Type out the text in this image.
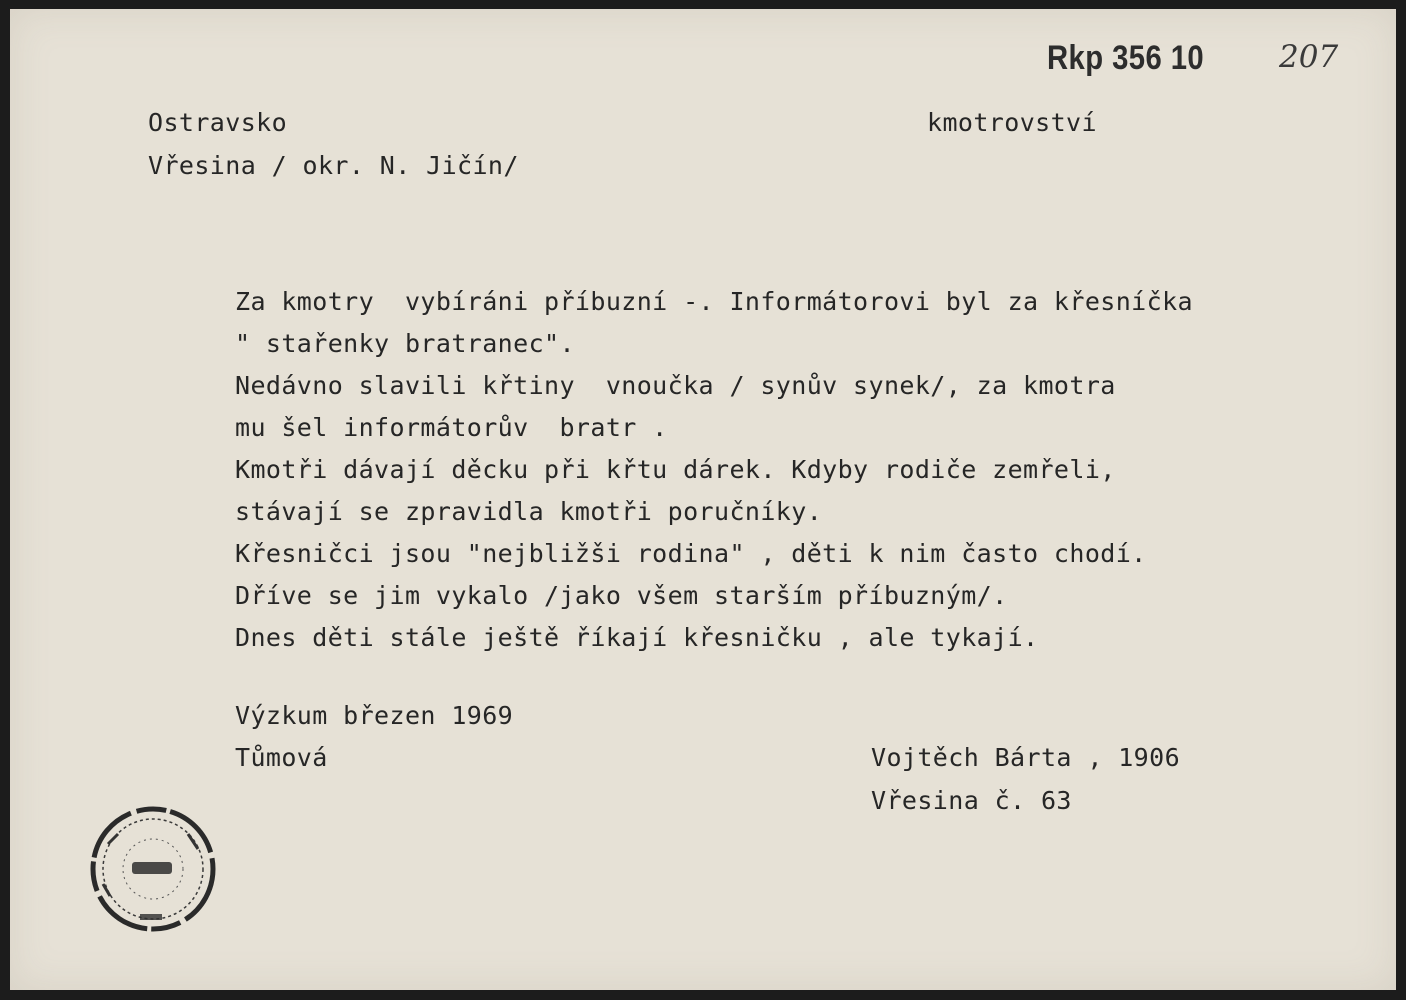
Rkp 356 10 207
Ostravsko	kmotrovství
Vřesina / okr. N. Jičín/
Za kmotry  vybíráni příbuzní -. Informátorovi byl za křesníčka
" stařenky bratranec".
Nedávno slavili křtiny  vnoučka / synův synek/, za kmotra
mu šel informátorův  bratr .
Kmotři dávají děcku při křtu dárek. Kdyby rodiče zemřeli,
stávají se zpravidla kmotři poručníky.
Křesničci jsou "nejbližši rodina" , děti k nim často chodí.
Dříve se jim vykalo /jako všem starším příbuzným/.
Dnes děti stále ještě říkají křesničku , ale tykají.
Výzkum březen 1969
Tůmová	Vojtěch Bárta , 1906
Vřesina č. 63
